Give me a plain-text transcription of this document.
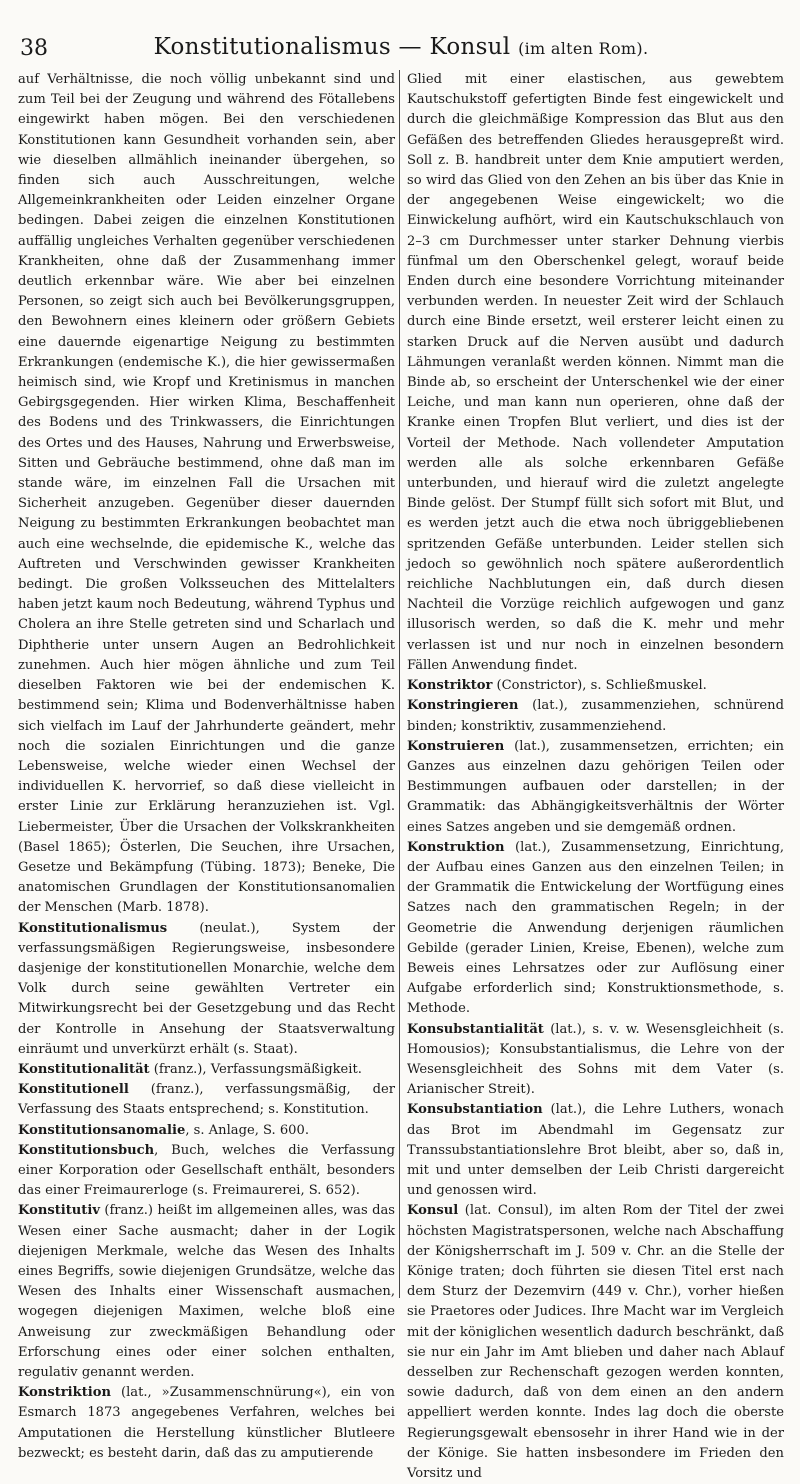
38	Konstitutionalismus — Konsul (im alten Rom).

auf Verhältnisse, die noch völlig unbekannt sind und zum Teil bei der Zeugung und während des Fötallebens eingewirkt haben mögen. Bei den verschiedenen Konstitutionen kann Gesundheit vorhanden sein, aber wie dieselben allmählich ineinander übergehen, so finden sich auch Ausschreitungen, welche Allgemeinkrankheiten oder Leiden einzelner Organe bedingen. Dabei zeigen die einzelnen Konstitutionen auffällig ungleiches Verhalten gegenüber verschiedenen Krankheiten, ohne daß der Zusammenhang immer deutlich erkennbar wäre. Wie aber bei einzelnen Personen, so zeigt sich auch bei Bevölkerungsgruppen, den Bewohnern eines kleinern oder größern Gebiets eine dauernde eigenartige Neigung zu bestimmten Erkrankungen (endemische K.), die hier gewissermaßen heimisch sind, wie Kropf und Kretinismus in manchen Gebirgsgegenden. Hier wirken Klima, Beschaffenheit des Bodens und des Trinkwassers, die Einrichtungen des Ortes und des Hauses, Nahrung und Erwerbsweise, Sitten und Gebräuche bestimmend, ohne daß man im stande wäre, im einzelnen Fall die Ursachen mit Sicherheit anzugeben. Gegenüber dieser dauernden Neigung zu bestimmten Erkrankungen beobachtet man auch eine wechselnde, die epidemische K., welche das Auftreten und Verschwinden gewisser Krankheiten bedingt. Die großen Volksseuchen des Mittelalters haben jetzt kaum noch Bedeutung, während Typhus und Cholera an ihre Stelle getreten sind und Scharlach und Diphtherie unter unsern Augen an Bedrohlichkeit zunehmen. Auch hier mögen ähnliche und zum Teil dieselben Faktoren wie bei der endemischen K. bestimmend sein; Klima und Bodenverhältnisse haben sich vielfach im Lauf der Jahrhunderte geändert, mehr noch die sozialen Einrichtungen und die ganze Lebensweise, welche wieder einen Wechsel der individuellen K. hervorrief, so daß diese vielleicht in erster Linie zur Erklärung heranzuziehen ist. Vgl. Liebermeister, Über die Ursachen der Volkskrankheiten (Basel 1865); Österlen, Die Seuchen, ihre Ursachen, Gesetze und Bekämpfung (Tübing. 1873); Beneke, Die anatomischen Grundlagen der Konstitutionsanomalien der Menschen (Marb. 1878).

Konstitutionalismus (neulat.), System der verfassungsmäßigen Regierungsweise, insbesondere dasjenige der konstitutionellen Monarchie, welche dem Volk durch seine gewählten Vertreter ein Mitwirkungsrecht bei der Gesetzgebung und das Recht der Kontrolle in Ansehung der Staatsverwaltung einräumt und unverkürzt erhält (s. Staat).

Konstitutionalität (franz.), Verfassungsmäßigkeit.

Konstitutionell (franz.), verfassungsmäßig, der Verfassung des Staats entsprechend; s. Konstitution.

Konstitutionsanomalie, s. Anlage, S. 600.

Konstitutionsbuch, Buch, welches die Verfassung einer Korporation oder Gesellschaft enthält, besonders das einer Freimaurerloge (s. Freimaurerei, S. 652).

Konstitutiv (franz.) heißt im allgemeinen alles, was das Wesen einer Sache ausmacht; daher in der Logik diejenigen Merkmale, welche das Wesen des Inhalts eines Begriffs, sowie diejenigen Grundsätze, welche das Wesen des Inhalts einer Wissenschaft ausmachen, wogegen diejenigen Maximen, welche bloß eine Anweisung zur zweckmäßigen Behandlung oder Erforschung eines oder einer solchen enthalten, regulativ genannt werden.

Konstriktion (lat., »Zusammenschnürung«), ein von Esmarch 1873 angegebenes Verfahren, welches bei Amputationen die Herstellung künstlicher Blutleere bezweckt; es besteht darin, daß das zu amputierende

Glied mit einer elastischen, aus gewebtem Kautschukstoff gefertigten Binde fest eingewickelt und durch die gleichmäßige Kompression das Blut aus den Gefäßen des betreffenden Gliedes herausgepreßt wird. Soll z. B. handbreit unter dem Knie amputiert werden, so wird das Glied von den Zehen an bis über das Knie in der angegebenen Weise eingewickelt; wo die Einwickelung aufhört, wird ein Kautschukschlauch von 2–3 cm Durchmesser unter starker Dehnung vierbis fünfmal um den Oberschenkel gelegt, worauf beide Enden durch eine besondere Vorrichtung miteinander verbunden werden. In neuester Zeit wird der Schlauch durch eine Binde ersetzt, weil ersterer leicht einen zu starken Druck auf die Nerven ausübt und dadurch Lähmungen veranlaßt werden können. Nimmt man die Binde ab, so erscheint der Unterschenkel wie der einer Leiche, und man kann nun operieren, ohne daß der Kranke einen Tropfen Blut verliert, und dies ist der Vorteil der Methode. Nach vollendeter Amputation werden alle als solche erkennbaren Gefäße unterbunden, und hierauf wird die zuletzt angelegte Binde gelöst. Der Stumpf füllt sich sofort mit Blut, und es werden jetzt auch die etwa noch übriggebliebenen spritzenden Gefäße unterbunden. Leider stellen sich jedoch so gewöhnlich noch spätere außerordentlich reichliche Nachblutungen ein, daß durch diesen Nachteil die Vorzüge reichlich aufgewogen und ganz illusorisch werden, so daß die K. mehr und mehr verlassen ist und nur noch in einzelnen besondern Fällen Anwendung findet.

Konstriktor (Constrictor), s. Schließmuskel.

Konstringieren (lat.), zusammenziehen, schnürend binden; konstriktiv, zusammenziehend.

Konstruieren (lat.), zusammensetzen, errichten; ein Ganzes aus einzelnen dazu gehörigen Teilen oder Bestimmungen aufbauen oder darstellen; in der Grammatik: das Abhängigkeitsverhältnis der Wörter eines Satzes angeben und sie demgemäß ordnen.

Konstruktion (lat.), Zusammensetzung, Einrichtung, der Aufbau eines Ganzen aus den einzelnen Teilen; in der Grammatik die Entwickelung der Wortfügung eines Satzes nach den grammatischen Regeln; in der Geometrie die Anwendung derjenigen räumlichen Gebilde (gerader Linien, Kreise, Ebenen), welche zum Beweis eines Lehrsatzes oder zur Auflösung einer Aufgabe erforderlich sind; Konstruktionsmethode, s. Methode.

Konsubstantialität (lat.), s. v. w. Wesensgleichheit (s. Homousios); Konsubstantialismus, die Lehre von der Wesensgleichheit des Sohns mit dem Vater (s. Arianischer Streit).

Konsubstantiation (lat.), die Lehre Luthers, wonach das Brot im Abendmahl im Gegensatz zur Transsubstantiationslehre Brot bleibt, aber so, daß in, mit und unter demselben der Leib Christi dargereicht und genossen wird.

Konsul (lat. Consul), im alten Rom der Titel der zwei höchsten Magistratspersonen, welche nach Abschaffung der Königsherrschaft im J. 509 v. Chr. an die Stelle der Könige traten; doch führten sie diesen Titel erst nach dem Sturz der Dezemvirn (449 v. Chr.), vorher hießen sie Praetores oder Judices. Ihre Macht war im Vergleich mit der königlichen wesentlich dadurch beschränkt, daß sie nur ein Jahr im Amt blieben und daher nach Ablauf desselben zur Rechenschaft gezogen werden konnten, sowie dadurch, daß von dem einen an den andern appelliert werden konnte. Indes lag doch die oberste Regierungsgewalt ebensosehr in ihrer Hand wie in der der Könige. Sie hatten insbesondere im Frieden den Vorsitz und
